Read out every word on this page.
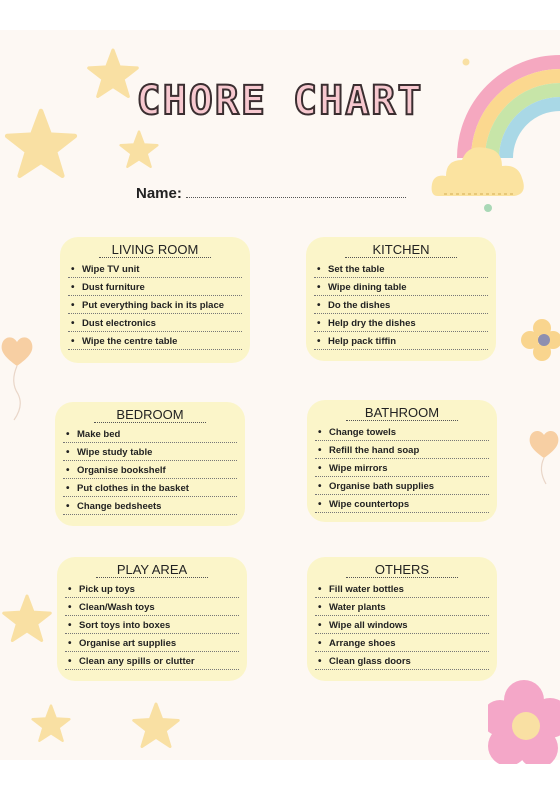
CHORE CHART
Name:
LIVING ROOM
• Wipe TV unit
• Dust furniture
• Put everything back in its place
• Dust electronics
• Wipe the centre table
KITCHEN
• Set the table
• Wipe dining table
• Do the dishes
• Help dry the dishes
• Help pack tiffin
BEDROOM
• Make bed
• Wipe study table
• Organise bookshelf
• Put clothes in the basket
• Change bedsheets
BATHROOM
• Change towels
• Refill the hand soap
• Wipe mirrors
• Organise bath supplies
• Wipe countertops
PLAY AREA
• Pick up toys
• Clean/Wash toys
• Sort toys into boxes
• Organise art supplies
• Clean any spills or clutter
OTHERS
• Fill water bottles
• Water plants
• Wipe all windows
• Arrange shoes
• Clean glass doors
